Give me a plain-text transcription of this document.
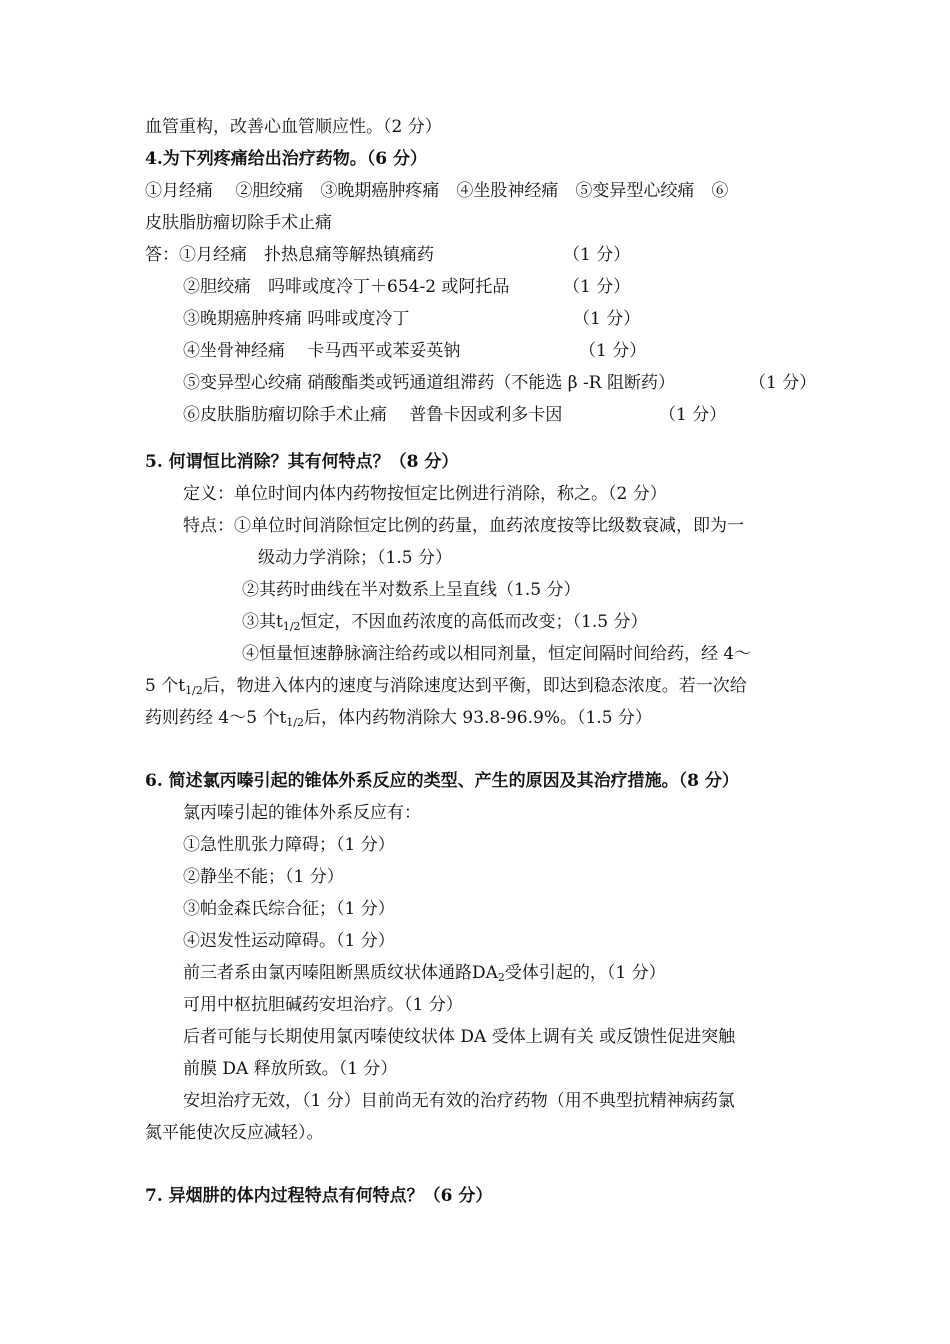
血管重构，改善心血管顺应性。（2 分）
4.为下列疼痛给出治疗药物。（6 分）
①月经痛　 ②胆绞痛　③晚期癌肿疼痛　④坐股神经痛　⑤变异型心绞痛　⑥
皮肤脂肪瘤切除手术止痛
答：①月经痛　扑热息痛等解热镇痛药	（1 分）
②胆绞痛　吗啡或度冷丁＋654-2 或阿托品	（1 分）
③晚期癌肿疼痛 吗啡或度冷丁	（1 分）
④坐骨神经痛　 卡马西平或苯妥英钠	（1 分）
⑤变异型心绞痛 硝酸酯类或钙通道组滞药（不能选 β -R 阻断药）	（1 分）
⑥皮肤脂肪瘤切除手术止痛　 普鲁卡因或利多卡因	（1 分）
5. 何谓恒比消除？其有何特点？（8 分）
定义：单位时间内体内药物按恒定比例进行消除，称之。（2 分）
特点：①单位时间消除恒定比例的药量，血药浓度按等比级数衰减，即为一
级动力学消除；（1.5 分）
②其药时曲线在半对数系上呈直线（1.5 分）
③其$t_{1/2}$恒定，不因血药浓度的高低而改变；（1.5 分）
④恒量恒速静脉滴注给药或以相同剂量，恒定间隔时间给药，经 4～
5 个$t_{1/2}$后，物进入体内的速度与消除速度达到平衡，即达到稳态浓度。若一次给
药则药经 4～5 个$t_{1/2}$后，体内药物消除大 93.8-96.9%。（1.5 分）
6. 简述氯丙嗪引起的锥体外系反应的类型、产生的原因及其治疗措施。（8 分）
氯丙嗪引起的锥体外系反应有：
①急性肌张力障碍；（1 分）
②静坐不能；（1 分）
③帕金森氏综合征；（1 分）
④迟发性运动障碍。（1 分）
前三者系由氯丙嗪阻断黑质纹状体通路$DA_2$受体引起的，（1 分）
可用中枢抗胆碱药安坦治疗。（1 分）
后者可能与长期使用氯丙嗪使纹状体 DA 受体上调有关 或反馈性促进突触
前膜 DA 释放所致。（1 分）
安坦治疗无效，（1 分）目前尚无有效的治疗药物（用不典型抗精神病药氯
氮平能使次反应减轻）。
7. 异烟肼的体内过程特点有何特点？（6 分）
